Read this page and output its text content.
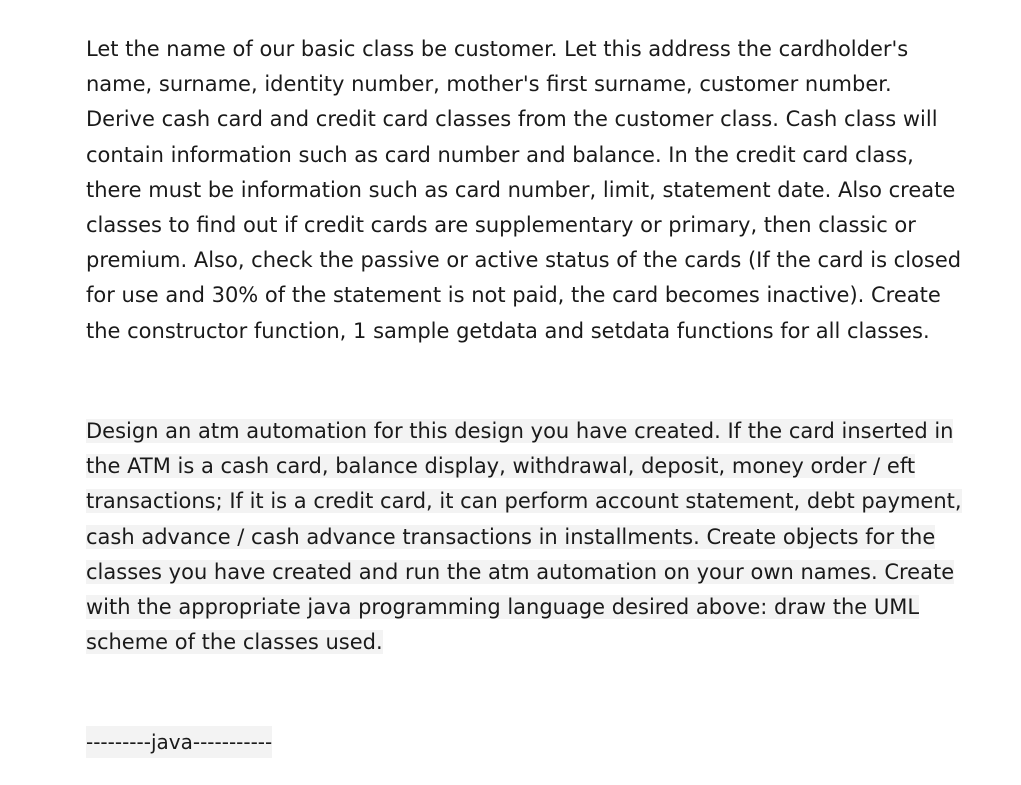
Let the name of our basic class be customer. Let this address the cardholder's
name, surname, identity number, mother's first surname, customer number.
Derive cash card and credit card classes from the customer class. Cash class will
contain information such as card number and balance. In the credit card class,
there must be information such as card number, limit, statement date. Also create
classes to find out if credit cards are supplementary or primary, then classic or
premium. Also, check the passive or active status of the cards (If the card is closed
for use and 30% of the statement is not paid, the card becomes inactive). Create
the constructor function, 1 sample getdata and setdata functions for all classes.

Design an atm automation for this design you have created. If the card inserted in
the ATM is a cash card, balance display, withdrawal, deposit, money order / eft
transactions; If it is a credit card, it can perform account statement, debt payment,
cash advance / cash advance transactions in installments. Create objects for the
classes you have created and run the atm automation on your own names. Create
with the appropriate java programming language desired above: draw the UML
scheme of the classes used.

---------java-----------
